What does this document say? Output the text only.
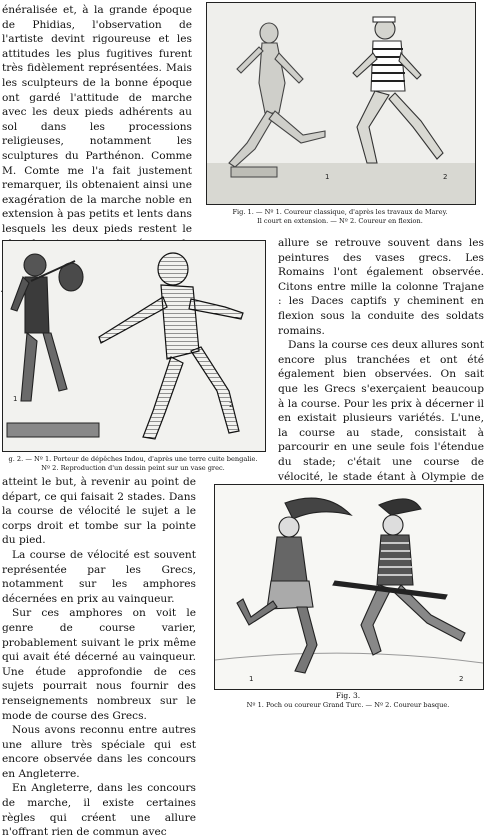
énéralisée et, à la grande époque de Phidias, l'observation de l'artiste devint rigoureuse et les attitudes les plus fugitives furent très fidèlement représentées. Mais les sculpteurs de la bonne époque ont gardé l'attitude de marche avec les deux pieds adhérents au sol dans les processions religieuses, notamment les sculptures du Parthénon. Comme M. Comte me l'a fait justement remarquer, ils obtenaient ainsi une exagération de la marche noble en extension à pas petits et lents dans lesquels les deux pieds restent le

1	2
Fig. 1. — Nº 1. Coureur classique, d'après les travaux de Marey.
Il court en extension. — Nº 2. Coureur en flexion.
1
2
g. 2. — Nº 1. Porteur de dépêches Indou, d'après une terre cuite bengalie.
Nº 2. Reproduction d'un dessin peint sur un vase grec.

allure se retrouve souvent dans les peintures des vases grecs. Les Romains l'ont également observée. Citons entre mille la colonne Trajane : les Daces captifs y cheminent en flexion sous la conduite des soldats romains.

Dans la course ces deux allures sont encore plus tranchées et ont été également bien observées. On sait que les Grecs s'exerçaient beaucoup à la course. Pour les prix à décerner il en existait plusieurs variétés. L'une, la course au stade, consistait à parcourir en une seule fois l'étendue du stade; c'était une course de vélocité, le stade étant à Olympie de

atteint le but, à revenir au point de départ, ce qui faisait 2 stades. Dans la course de vélocité le sujet a le corps droit et tombe sur la pointe du pied.

La course de vélocité est souvent représentée par les Grecs, notamment sur les amphores décernées en prix au vainqueur.

Sur ces amphores on voit le genre de course varier, probablement suivant le prix même qui avait été décerné au vainqueur. Une étude approfondie de ces sujets pourrait nous fournir des renseignements nombreux sur le mode de course des Grecs.

Nous avons reconnu entre autres une allure très spéciale qui est encore observée dans les concours en Angleterre.

En Angleterre, dans les concours de marche, il existe certaines règles qui créent une allure n'offrant rien de commun avec

1	2
Fig. 3.
Nº 1. Poch ou coureur Grand Turc. — Nº 2. Coureur basque.
